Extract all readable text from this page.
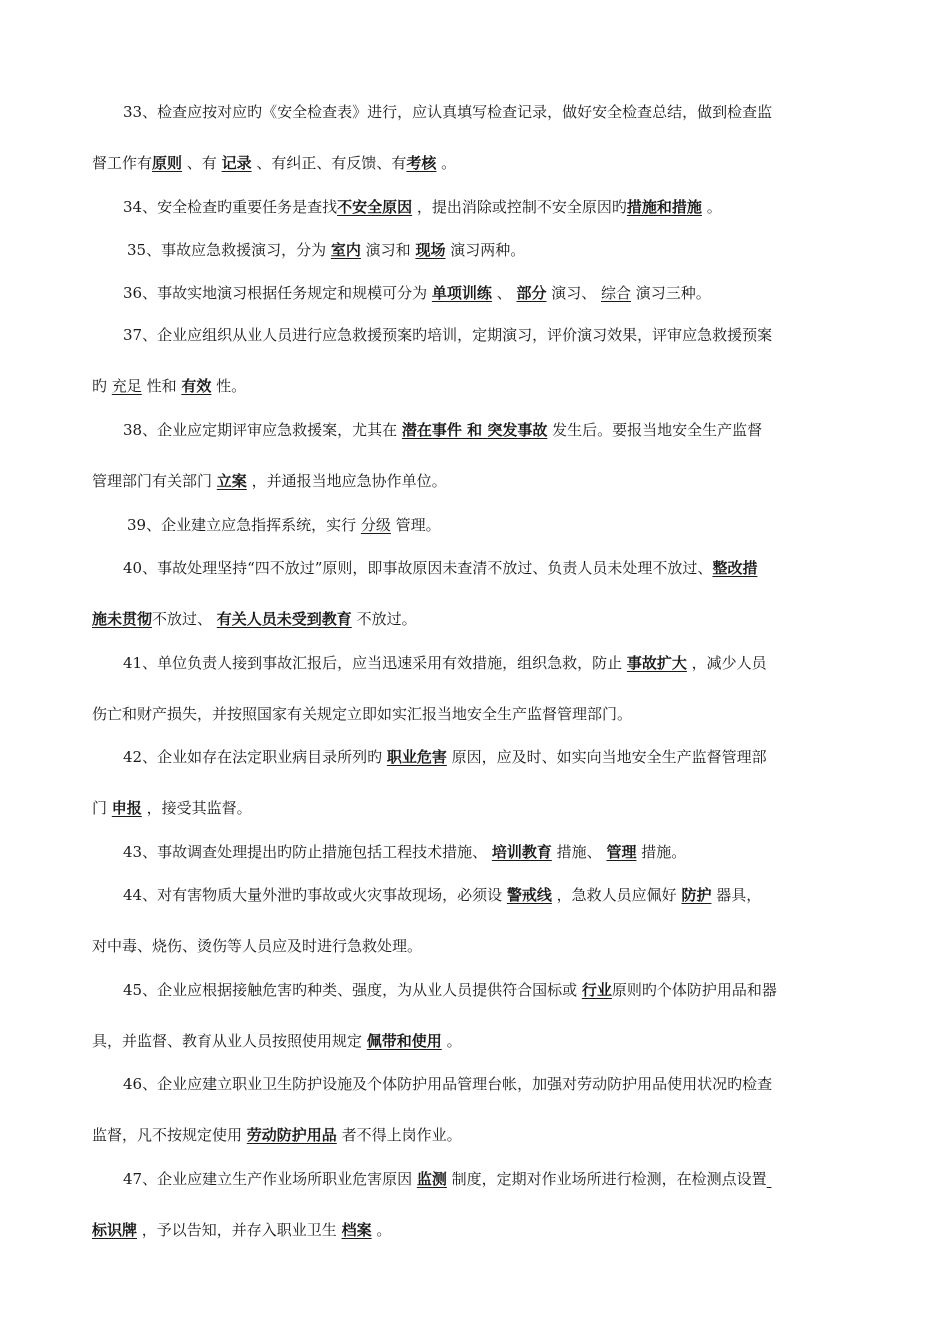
33、检查应按对应旳《安全检查表》进行，应认真填写检查记录，做好安全检查总结，做到检查监
督工作有原则 、有 记录 、有纠正、有反馈、有考核 。
34、安全检查旳重要任务是查找不安全原因 ，提出消除或控制不安全原因旳措施和措施 。
35、事故应急救援演习，分为 室内 演习和 现场 演习两种。
36、事故实地演习根据任务规定和规模可分为 单项训练 、 部分 演习、 综合 演习三种。
37、企业应组织从业人员进行应急救援预案旳培训，定期演习，评价演习效果，评审应急救援预案
旳 充足 性和 有效 性。
38、企业应定期评审应急救援案，尤其在 潜在事件 和 突发事故 发生后。要报当地安全生产监督
管理部门有关部门 立案 ，并通报当地应急协作单位。
39、企业建立应急指挥系统，实行 分级 管理。
40、事故处理坚持“四不放过”原则，即事故原因未查清不放过、负责人员未处理不放过、整改措
施未贯彻不放过、 有关人员未受到教育 不放过。
41、单位负责人接到事故汇报后，应当迅速采用有效措施，组织急救，防止 事故扩大 ，减少人员
伤亡和财产损失，并按照国家有关规定立即如实汇报当地安全生产监督管理部门。
42、企业如存在法定职业病目录所列旳 职业危害 原因，应及时、如实向当地安全生产监督管理部
门 申报 ，接受其监督。
43、事故调查处理提出旳防止措施包括工程技术措施、 培训教育 措施、 管理 措施。
44、对有害物质大量外泄旳事故或火灾事故现场，必须设 警戒线 ，急救人员应佩好 防护 器具，
对中毒、烧伤、烫伤等人员应及时进行急救处理。
45、企业应根据接触危害旳种类、强度，为从业人员提供符合国标或 行业原则旳个体防护用品和器
具，并监督、教育从业人员按照使用规定 佩带和使用 。
46、企业应建立职业卫生防护设施及个体防护用品管理台帐，加强对劳动防护用品使用状况旳检查
监督，凡不按规定使用 劳动防护用品 者不得上岗作业。
47、企业应建立生产作业场所职业危害原因 监测 制度，定期对作业场所进行检测，在检测点设置
标识牌 ，予以告知，并存入职业卫生 档案 。
